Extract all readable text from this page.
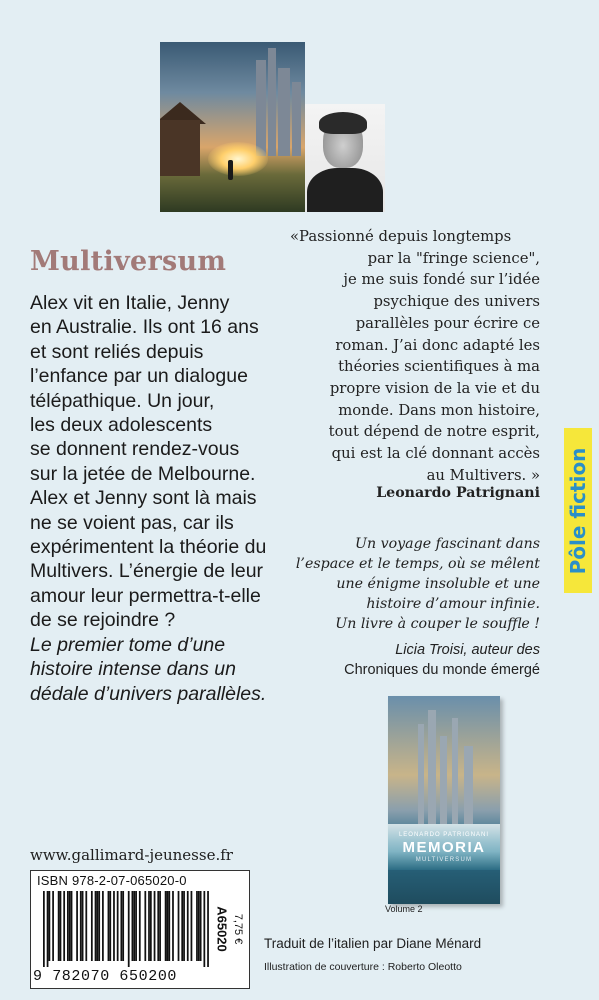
Multiversum
Alex vit en Italie, Jenny
en Australie. Ils ont 16 ans
et sont reliés depuis
l’enfance par un dialogue
télépathique. Un jour,
les deux adolescents
se donnent rendez-vous
sur la jetée de Melbourne.
Alex et Jenny sont là mais
ne se voient pas, car ils
expérimentent la théorie du
Multivers. L’énergie de leur
amour leur permettra-t-elle
de se rejoindre ?
Le premier tome d’une
histoire intense dans un
dédale d’univers parallèles.
«Passionné depuis longtemps
par la "fringe science",
je me suis fondé sur l’idée
psychique des univers
parallèles pour écrire ce
roman. J’ai donc adapté les
théories scientifiques à ma
propre vision de la vie et du
monde. Dans mon histoire,
tout dépend de notre esprit,
qui est la clé donnant accès
au Multivers. »
Leonardo Patrignani
Un voyage fascinant dans
l’espace et le temps, où se mêlent
une énigme insoluble et une
histoire d’amour infinie.
Un livre à couper le souffle !
Licia Troisi, auteur des
Chroniques du monde émergé
Pôle fiction
LEONARDO PATRIGNANI
MEMORIA
MULTIVERSUM
Volume 2
www.gallimard-jeunesse.fr
ISBN 978-2-07-065020-0
9 782070 650200
A65020 7,75 € Traduit de l’italien par Diane Ménard
Illustration de couverture : Roberto Oleotto
